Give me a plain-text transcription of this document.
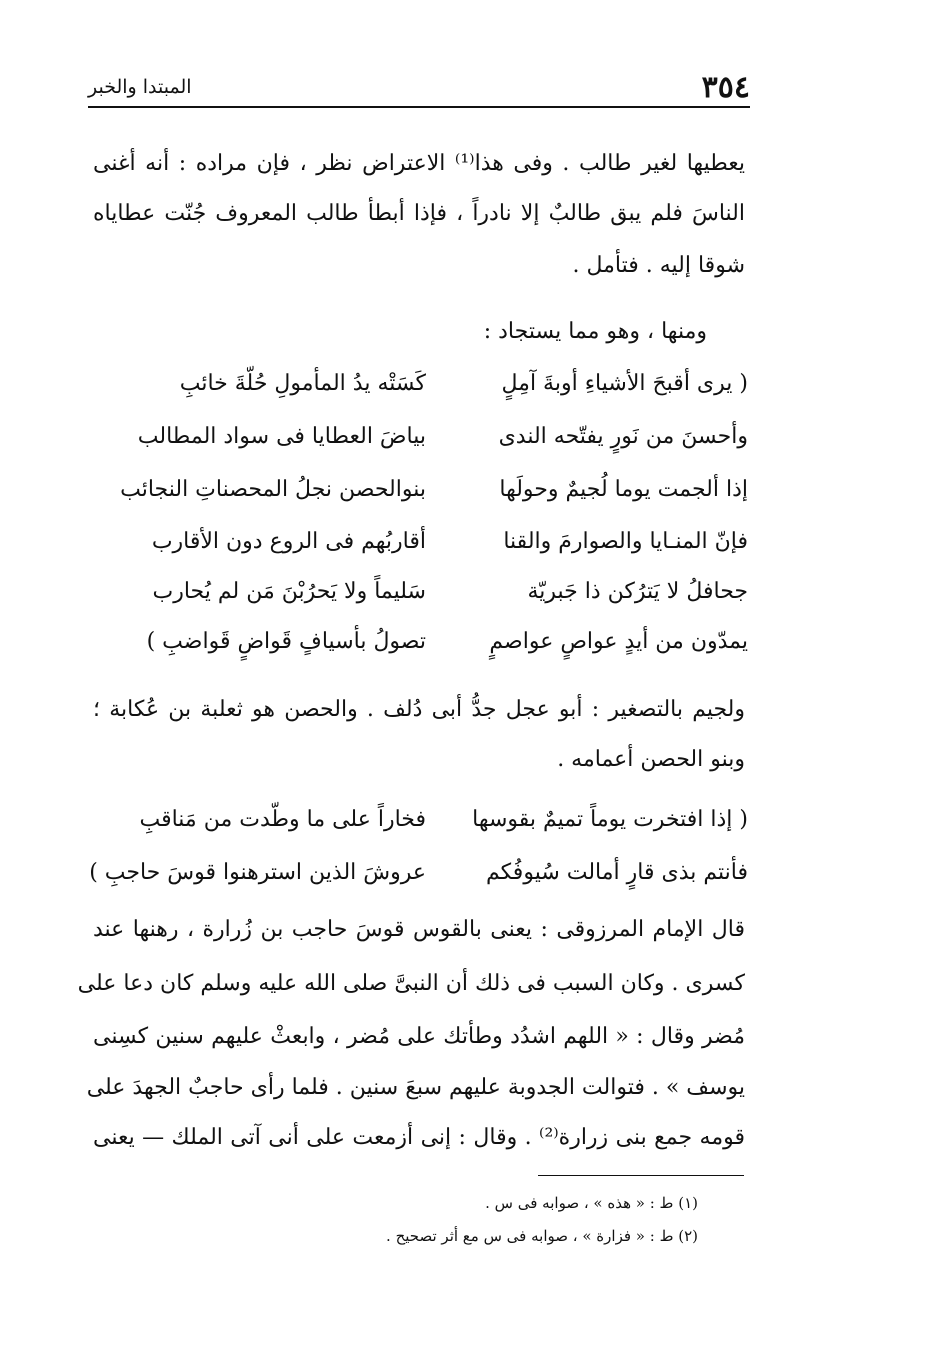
٣٥٤
المبتدا والخبر
يعطيها لغير طالب . وفى هذا⁽¹⁾ الاعتراض نظر ، فإن مراده : أنه أغنى
الناسَ فلم يبق طالبٌ إلا نادراً ، فإذا أبطأ طالب المعروف جُنّت عطاياه
شوقا إليه . فتأمل .
ومنها ، وهو مما يستجاد :
( يرى أقبحَ الأشياءِ أوبةَ آمِلٍ
كَسَتْه يدُ المأمولِ حُلّةَ خائبِ
وأحسنَ من نَورٍ يفتّحه الندى
بياضَ العطايا فى سواد المطالب
إذا ألجمت يوما لُجيمٌ وحولَها
بنوالحصن نجلُ المحصناتِ النجائب
فإنّ المنـايا والصوارمَ والقنا
أقاربُهم فى الروع دون الأقارب
جحافلُ لا يَترُكن ذا جَبريّة
سَليماً ولا يَحرُبْنَ مَن لم يُحارب
يمدّون من أيدٍ عواصٍ عواصمٍ
تصولُ بأسيافٍ قَواضٍ قَواضبِ )
ولجيم بالتصغير : أبو عجل جدُّ أبى دُلف . والحصن هو ثعلبة بن عُكابة ؛
وبنو الحصن أعمامه .
( إذا افتخرت يوماً تميمٌ بقوسها
فخاراً على ما وطّدت من مَناقبِ
فأنتم بذى قارٍ أمالت سُيوفُكم
عروشَ الذين استرهنوا قوسَ حاجبِ )
قال الإمام المرزوقى : يعنى بالقوس قوسَ حاجب بن زُرارة ، رهنها عند
كسرى . وكان السبب فى ذلك أن النبىَّ صلى الله عليه وسلم كان دعا على
مُضر وقال : « اللهم اشدُد وطأتك على مُضر ، وابعثْ عليهم سنين كسِنى
يوسف » . فتوالت الجدوبة عليهم سبعَ سنين . فلما رأى حاجبٌ الجهدَ على
قومه جمع بنى زرارة⁽²⁾ . وقال : إنى أزمعت على أنى آتى الملك — يعنى
(١) ط : « هذه » ، صوابه فى س .
(٢) ط : « فزارة » ، صوابه فى س مع أثر تصحيح .
